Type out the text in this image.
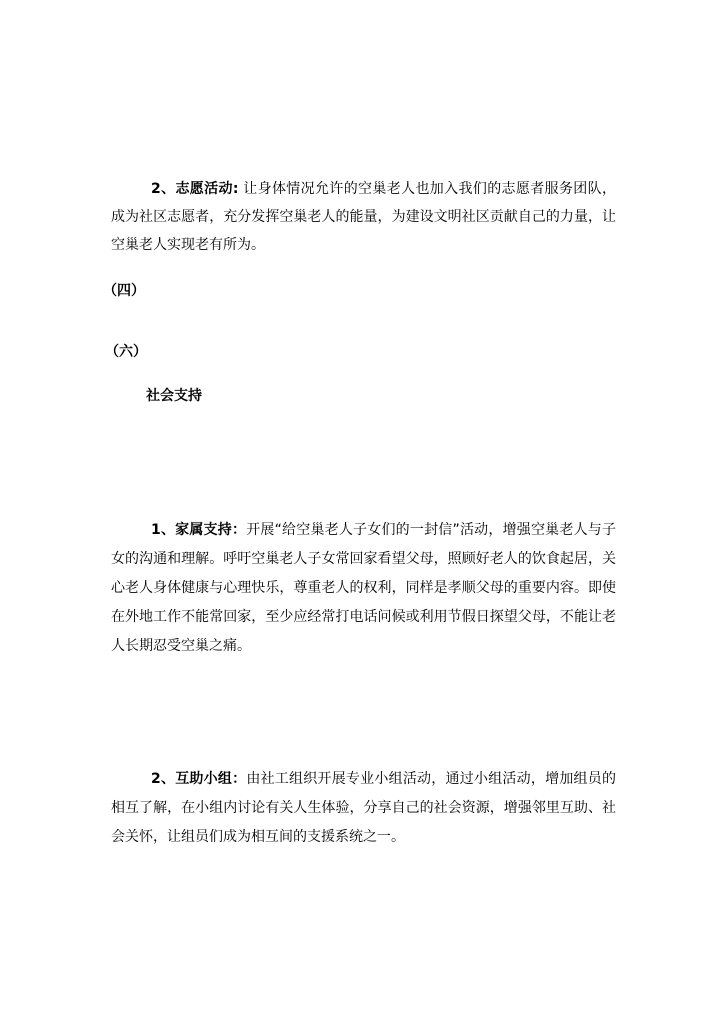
2、志愿活动: 让身体情况允许的空巢老人也加入我们的志愿者服务团队，成为社区志愿者，充分发挥空巢老人的能量，为建设文明社区贡献自己的力量，让空巢老人实现老有所为。

（四）
（六）
社会支持

1、家属支持：开展“给空巢老人子女们的一封信”活动，增强空巢老人与子女的沟通和理解。呼吁空巢老人子女常回家看望父母，照顾好老人的饮食起居，关心老人身体健康与心理快乐，尊重老人的权利，同样是孝顺父母的重要内容。即使在外地工作不能常回家，至少应经常打电话问候或利用节假日探望父母，不能让老人长期忍受空巢之痛。

2、互助小组：由社工组织开展专业小组活动，通过小组活动，增加组员的相互了解，在小组内讨论有关人生体验，分享自己的社会资源，增强邻里互助、社会关怀，让组员们成为相互间的支援系统之一。
